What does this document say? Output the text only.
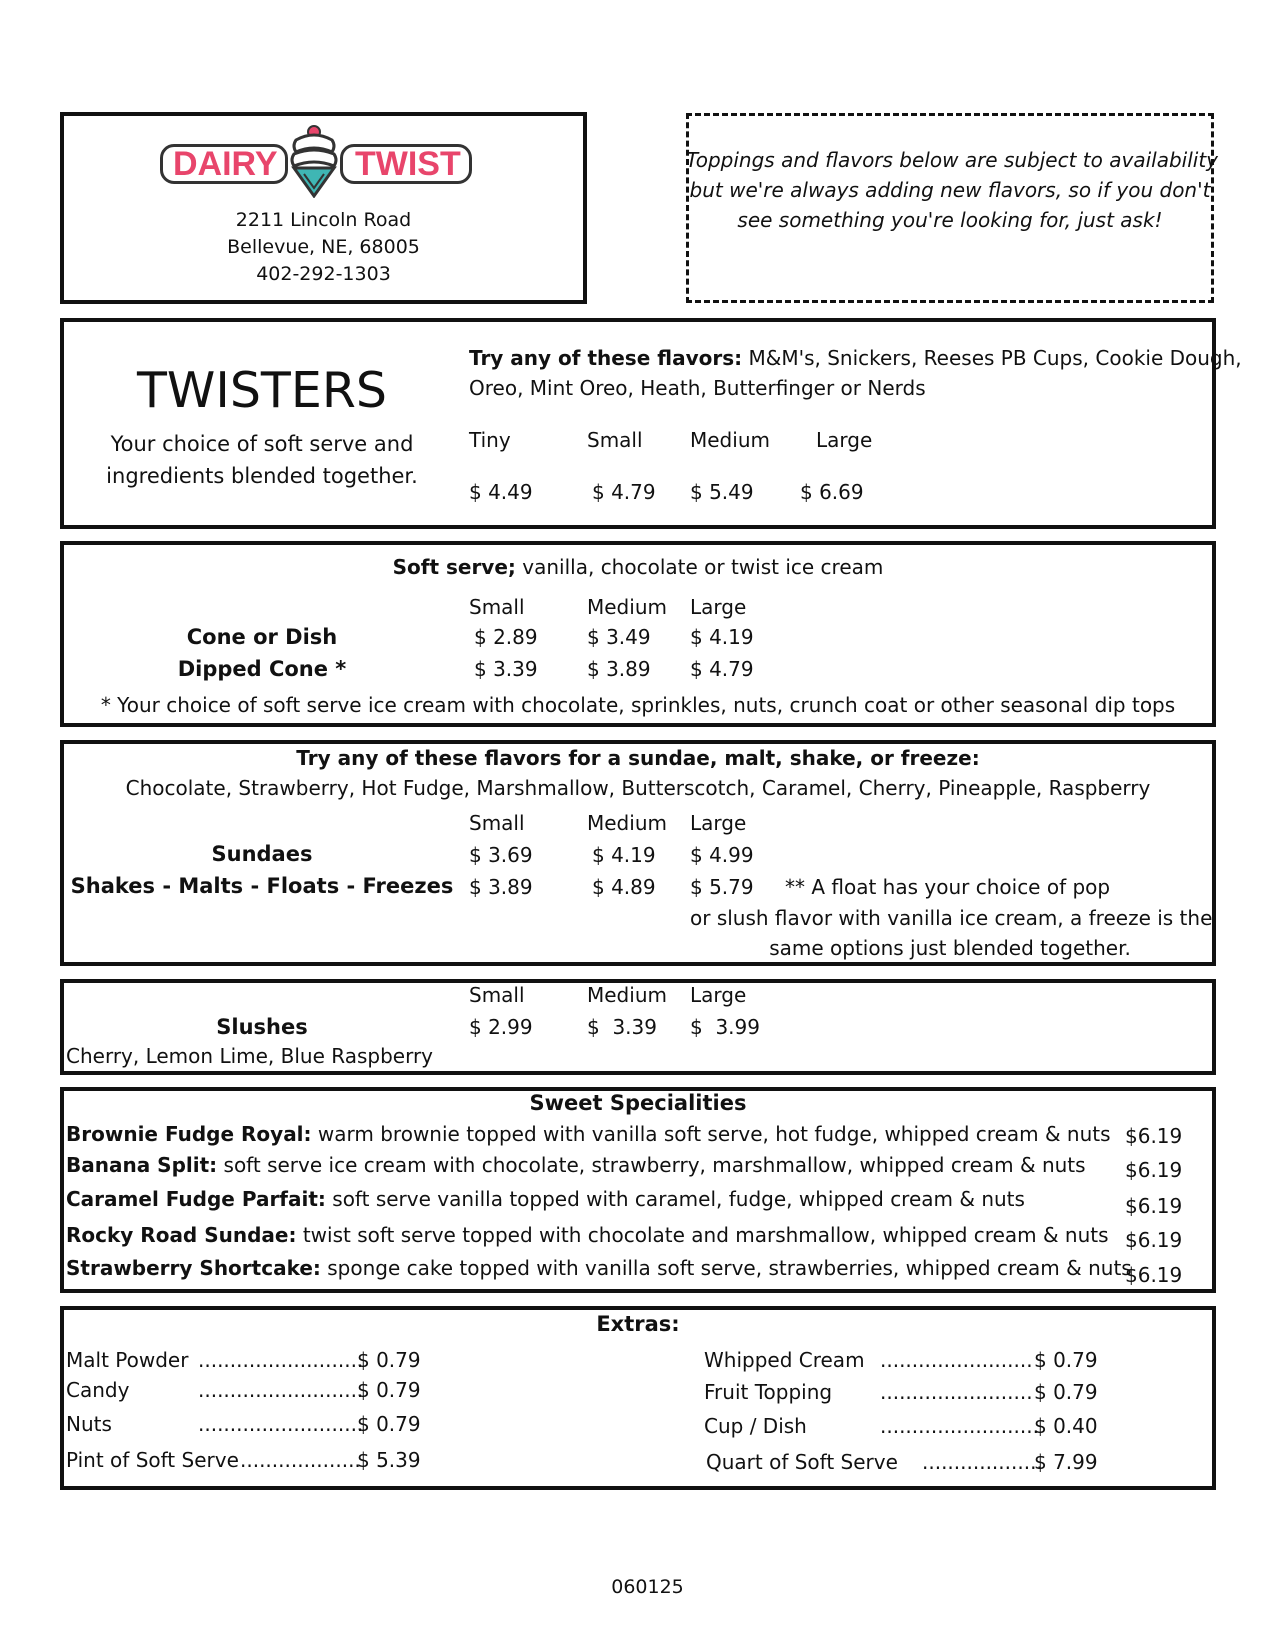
DAIRY	TWIST
2211 Lincoln Road
Bellevue, NE, 68005
402-292-1303
Toppings and flavors below are subject to availability
but we're always adding new flavors, so if you don't
see something you're looking for, just ask!
TWISTERS
Your choice of soft serve and
ingredients blended together.
Try any of these flavors: M&M's, Snickers, Reeses PB Cups, Cookie Dough,
Oreo, Mint Oreo, Heath, Butterfinger or Nerds
Tiny	Small Medium Large
$ 4.49	$ 4.79 $ 5.49 $ 6.69
Soft serve; vanilla, chocolate or twist ice cream
Small	Medium Large
Cone or Dish	$ 2.89 $ 3.49 $ 4.19
Dipped Cone *	$ 3.39 $ 3.89 $ 4.79
* Your choice of soft serve ice cream with chocolate, sprinkles, nuts, crunch coat or other seasonal dip tops
Try any of these flavors for a sundae, malt, shake, or freeze:
Chocolate, Strawberry, Hot Fudge, Marshmallow, Butterscotch, Caramel, Cherry, Pineapple, Raspberry
Small	Medium Large
Sundaes	$ 3.69	$ 4.19 $ 4.99
Shakes - Malts - Floats - Freezes $ 3.89	$ 4.89 $ 5.79 ** A float has your choice of pop
or slush flavor with vanilla ice cream, a freeze is the
same options just blended together.
Small	Medium Large
Slushes	$ 2.99	$  3.39 $  3.99
Cherry, Lemon Lime, Blue Raspberry
Sweet Specialities
Brownie Fudge Royal: warm brownie topped with vanilla soft serve, hot fudge, whipped cream & nuts $6.19
Banana Split: soft serve ice cream with chocolate, strawberry, marshmallow, whipped cream & nuts $6.19
Caramel Fudge Parfait: soft serve vanilla topped with caramel, fudge, whipped cream & nuts	$6.19
Rocky Road Sundae: twist soft serve topped with chocolate and marshmallow, whipped cream & nuts $6.19
Strawberry Shortcake: sponge cake topped with vanilla soft serve, strawberries, whipped cream & nuts
$6.19
Extras:
Malt Powder ..........................
$ 0.79
Candy	..........................
$ 0.79
Nuts	..........................
$ 0.79
Pint of Soft Serve ...................
$ 5.39
Whipped Cream ........................ $ 0.79
Fruit Topping ........................ $ 0.79
Cup / Dish	.........................
$ 0.40
Quart of Soft Serve ...................
$ 7.99
060125
